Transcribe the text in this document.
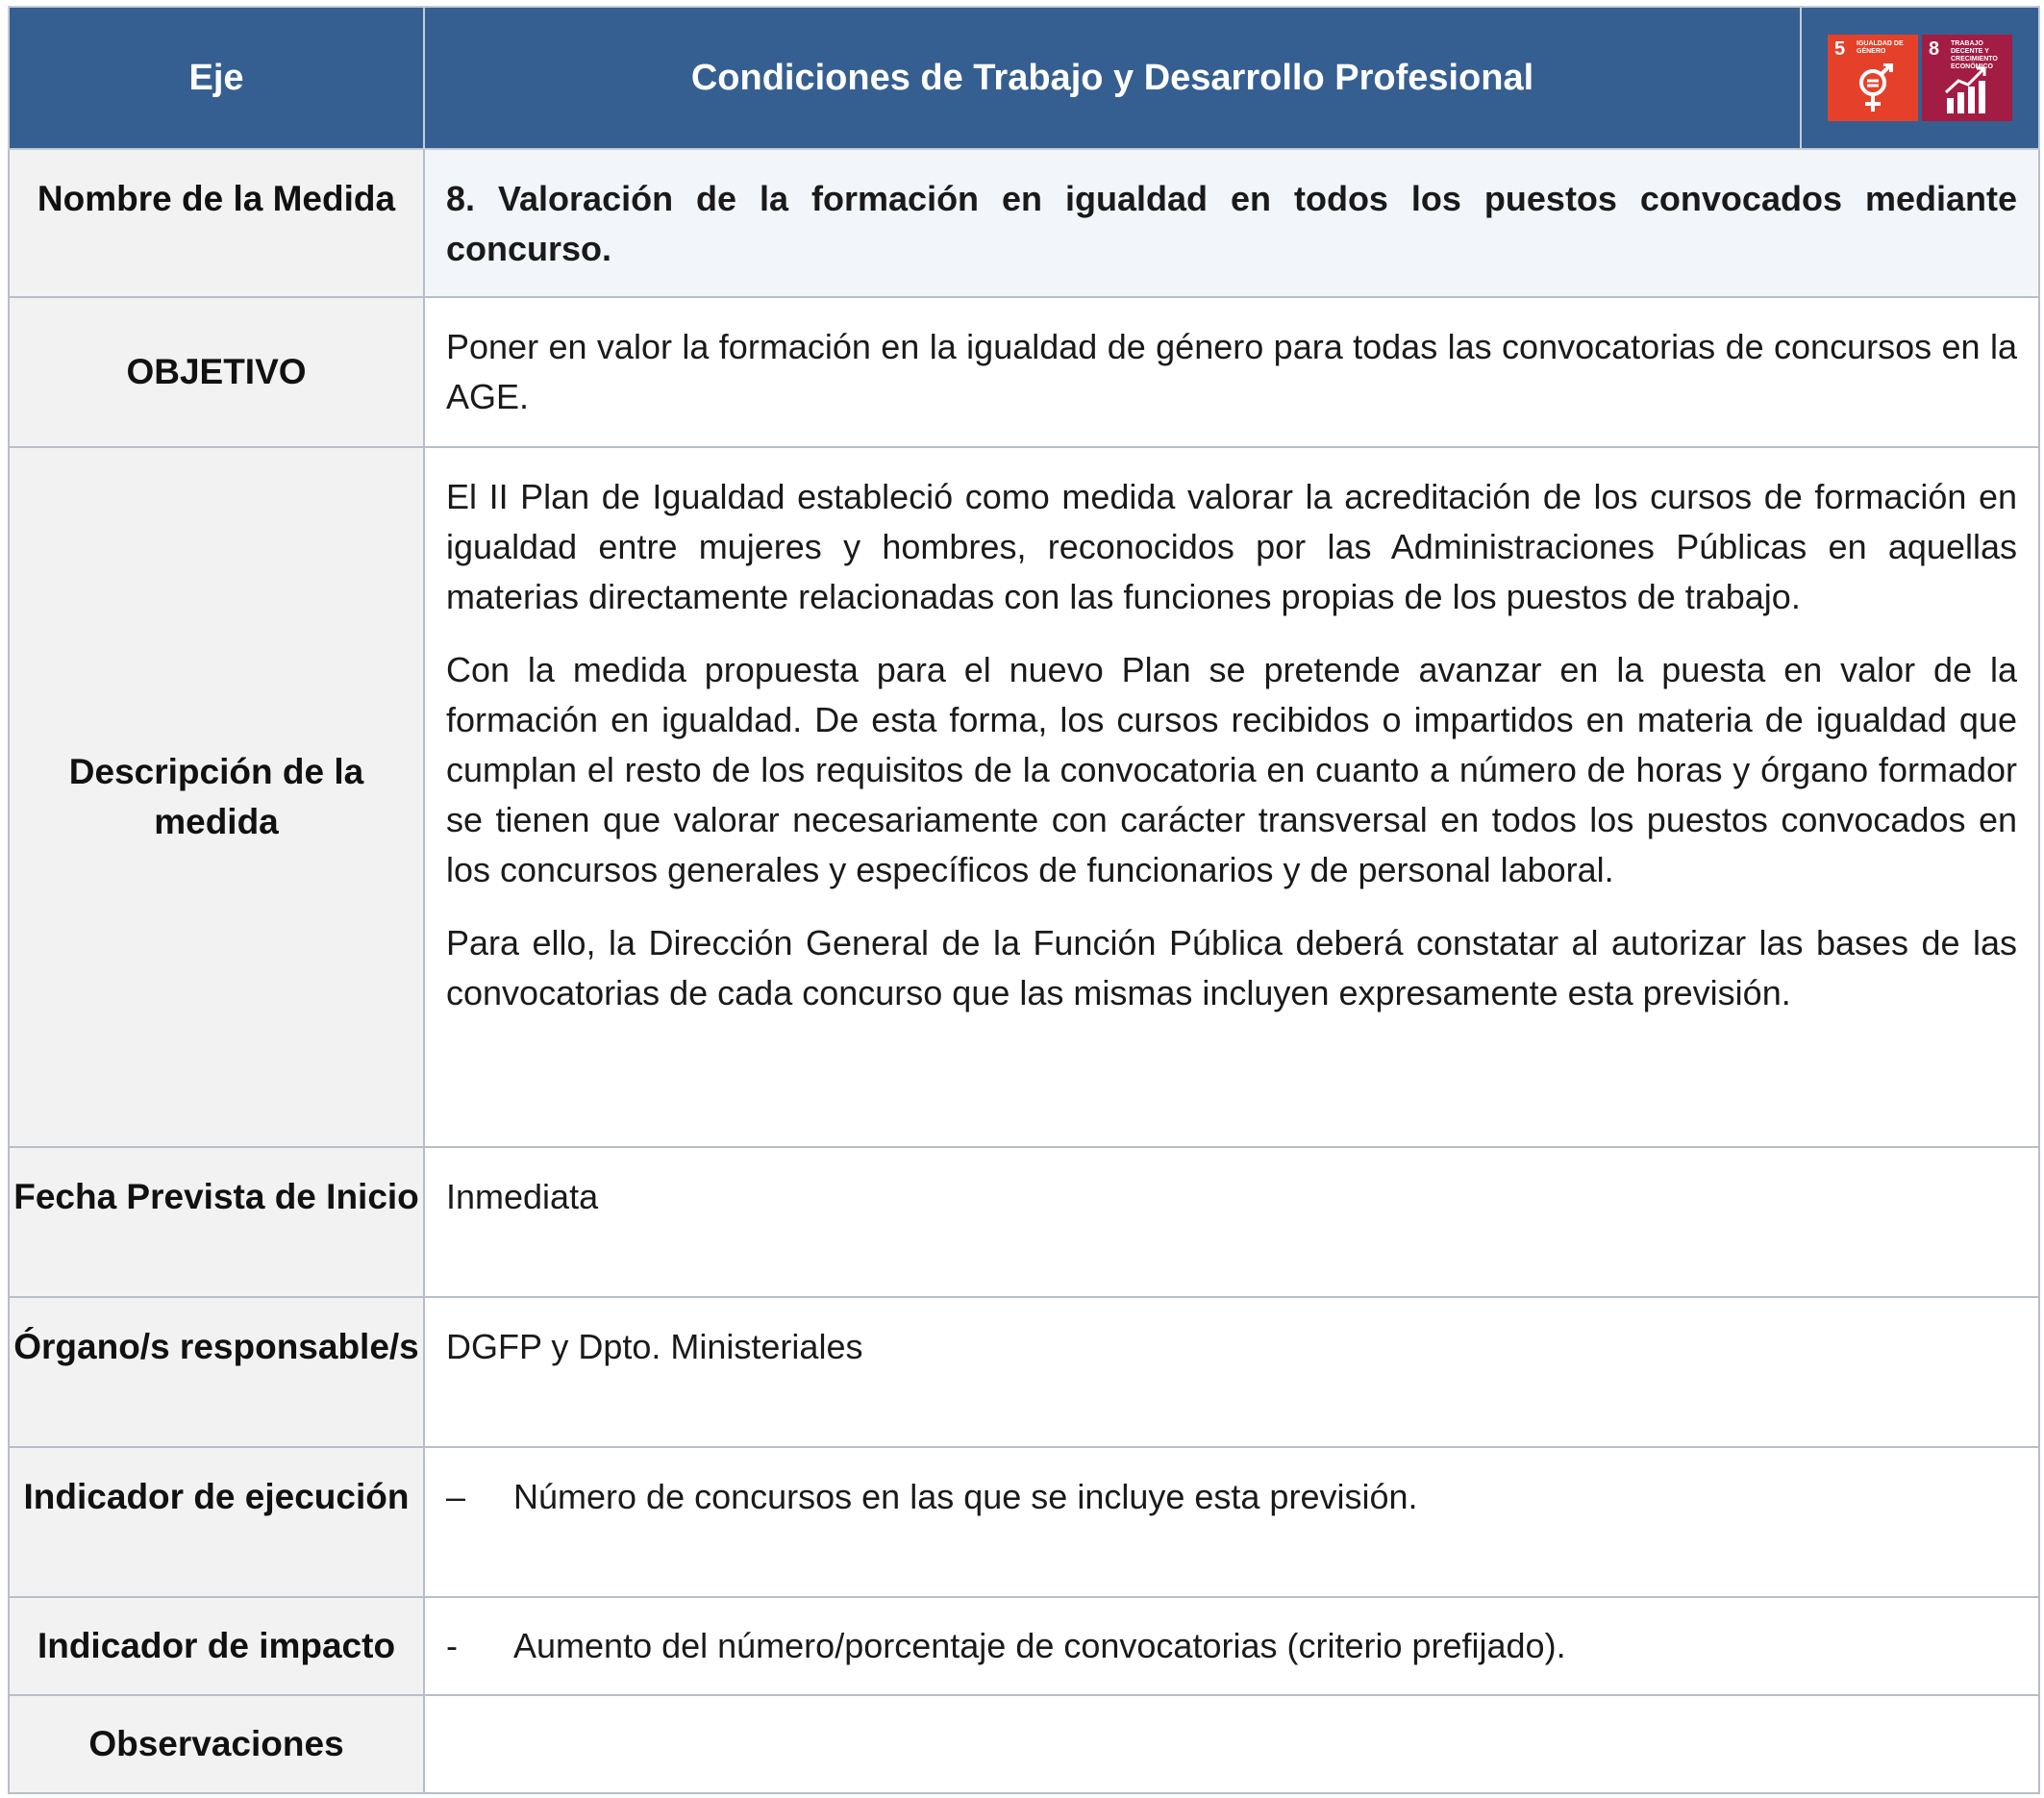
Eje	Condiciones de Trabajo y Desarrollo Profesional	5 IGUALDAD DE GÉNERO 8 TRABAJO DECENTE Y CRECIMIENTO ECONÓMICO

Nombre de la Medida	8. Valoración de la formación en igualdad en todos los puestos convocados mediante concurso.	
OBJETIVO	Poner en valor la formación en la igualdad de género para todas las convocatorias de concursos en la AGE.	
Descripción de la medida	El II Plan de Igualdad estableció como medida valorar la acreditación de los cursos de formación en igualdad entre mujeres y hombres, reconocidos por las Administraciones Públicas en aquellas materias directamente relacionadas con las funciones propias de los puestos de trabajo.
Con la medida propuesta para el nuevo Plan se pretende avanzar en la puesta en valor de la formación en igualdad. De esta forma, los cursos recibidos o impartidos en materia de igualdad que cumplan el resto de los requisitos de la convocatoria en cuanto a número de horas y órgano formador se tienen que valorar necesariamente con carácter transversal en todos los puestos convocados en los concursos generales y específicos de funcionarios y de personal laboral.
Para ello, la Dirección General de la Función Pública deberá constatar al autorizar las bases de las convocatorias de cada concurso que las mismas incluyen expresamente esta previsión.	

Fecha Prevista de Inicio	Inmediata	
Órgano/s responsable/s	DGFP y Dpto. Ministeriales	
Indicador de ejecución	– Número de concursos en las que se incluye esta previsión.	

Indicador de impacto	- Aumento del número/porcentaje de convocatorias (criterio prefijado).	

Observaciones		
